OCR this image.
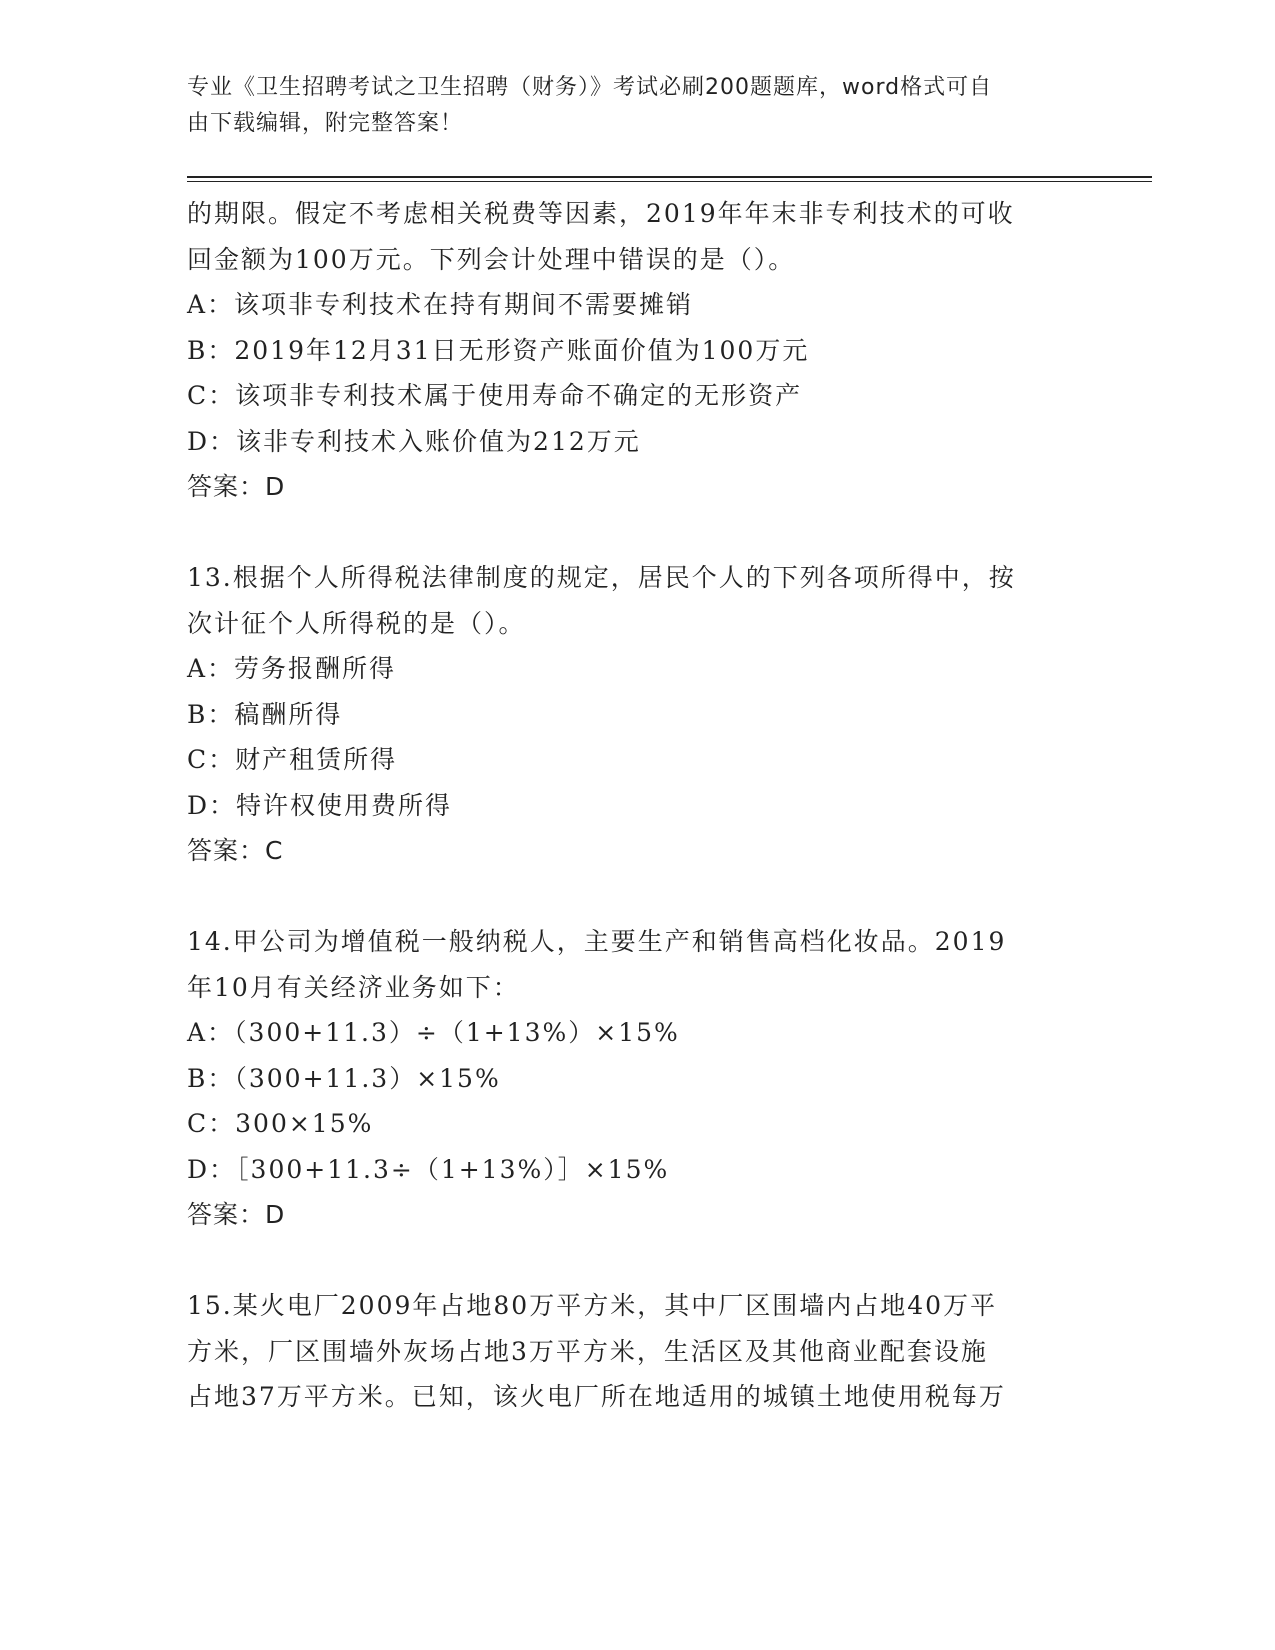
专业《卫生招聘考试之卫生招聘（财务）》考试必刷200题题库，word格式可自
由下载编辑，附完整答案！
的期限。假定不考虑相关税费等因素，2019年年末非专利技术的可收
回金额为100万元。下列会计处理中错误的是（）。
A：该项非专利技术在持有期间不需要摊销
B：2019年12月31日无形资产账面价值为100万元
C：该项非专利技术属于使用寿命不确定的无形资产
D：该非专利技术入账价值为212万元
答案：D
13.根据个人所得税法律制度的规定，居民个人的下列各项所得中，按
次计征个人所得税的是（）。
A：劳务报酬所得
B：稿酬所得
C：财产租赁所得
D：特许权使用费所得
答案：C
14.甲公司为增值税一般纳税人，主要生产和销售高档化妆品。2019
年10月有关经济业务如下：
A：（300+11.3）÷（1+13%）×15%
B：（300+11.3）×15%
C：300×15%
D：［300+11.3÷（1+13%）］×15%
答案：D
15.某火电厂2009年占地80万平方米，其中厂区围墙内占地40万平
方米，厂区围墙外灰场占地3万平方米，生活区及其他商业配套设施
占地37万平方米。已知，该火电厂所在地适用的城镇土地使用税每万
